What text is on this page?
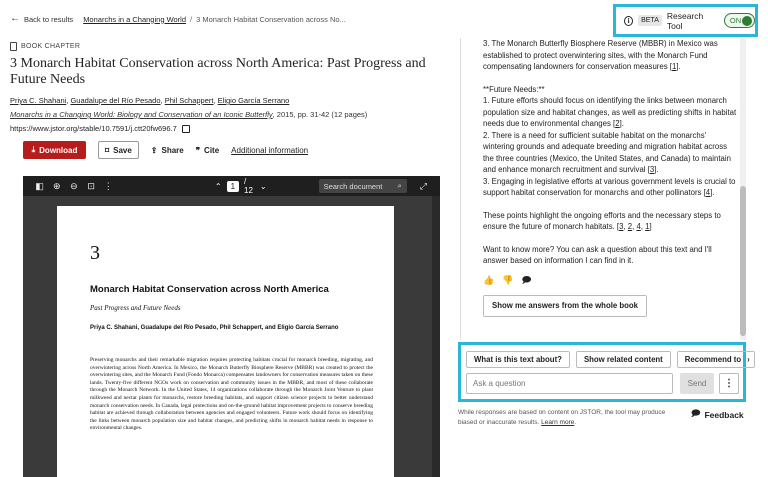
← Back to results Monarchs in a Changing World / 3 Monarch Habitat Conservation across No...	i	BETA Research Tool	ON
BOOK CHAPTER
3 Monarch Habitat Conservation across North America: Past Progress and Future Needs
Priya C. Shahani, Guadalupe del Río Pesado, Phil Schappert, Eligio García Serrano
Monarchs in a Changing World: Biology and Conservation of an Iconic Butterfly, 2015, pp. 31-42 (12 pages)
https://www.jstor.org/stable/10.7591/j.ctt20fw696.7
⤓ Download	⌑ Save ⇪ Share ❞ Cite Additional information
◧	⊕	⊖	⊡ ⋮	⌃	1	/ 12 ⌄	Search document ⌕	⤢
3
Monarch Habitat Conservation across North America
Past Progress and Future Needs
Priya C. Shahani, Guadalupe del Río Pesado, Phil Schappert, and Eligio García Serrano
Preserving monarchs and their remarkable migration requires protecting habitats crucial for monarch breeding, migrating, and overwintering across North America. In Mexico, the Monarch Butterfly Biosphere Reserve (MBBR) was created to protect the overwintering sites, and the Monarch Fund (Fondo Monarca) compensates landowners for conservation measures taken on these lands. Twenty-five different NGOs work on conservation and community issues in the MBBR, and most of these collaborate through the Monarch Network. In the United States, 14 organizations collaborate through the Monarch Joint Venture to plant milkweed and nectar plants for monarchs, restore breeding habitats, and support citizen science projects to better understand monarch conservation needs. In Canada, legal protections and on-the-ground habitat improvement projects to conserve breeding habitat are achieved through collaboration between agencies and engaged volunteers. Future work should focus on identifying the links between monarch population size and habitat changes, and predicting shifts in monarch habitat needs in response to environmental changes.

3. The Monarch Butterfly Biosphere Reserve (MBBR) in Mexico was established to protect overwintering sites, with the Monarch Fund compensating landowners for conservation measures [1].

**Future Needs:**
1. Future efforts should focus on identifying the links between monarch population size and habitat changes, as well as predicting shifts in habitat needs due to environmental changes [2].
2. There is a need for sufficient suitable habitat on the monarchs' wintering grounds and adequate breeding and migration habitat across the three countries (Mexico, the United States, and Canada) to maintain and enhance monarch recruitment and survival [3].
3. Engaging in legislative efforts at various government levels is crucial to support habitat conservation for monarchs and other pollinators [4].

These points highlight the ongoing efforts and the necessary steps to ensure the future of monarch habitats. [3, 2, 4, 1]

Want to know more? You can ask a question about this text and I'll answer based on information I can find in it.

👍 👎 🗩
Show me answers from the whole book
What is this text about?	Show related content	Recommend to ›
Ask a question	Send	⋮
While responses are based on content on JSTOR, the tool may produce biased or inaccurate results. Learn more.
🗩 Feedback
